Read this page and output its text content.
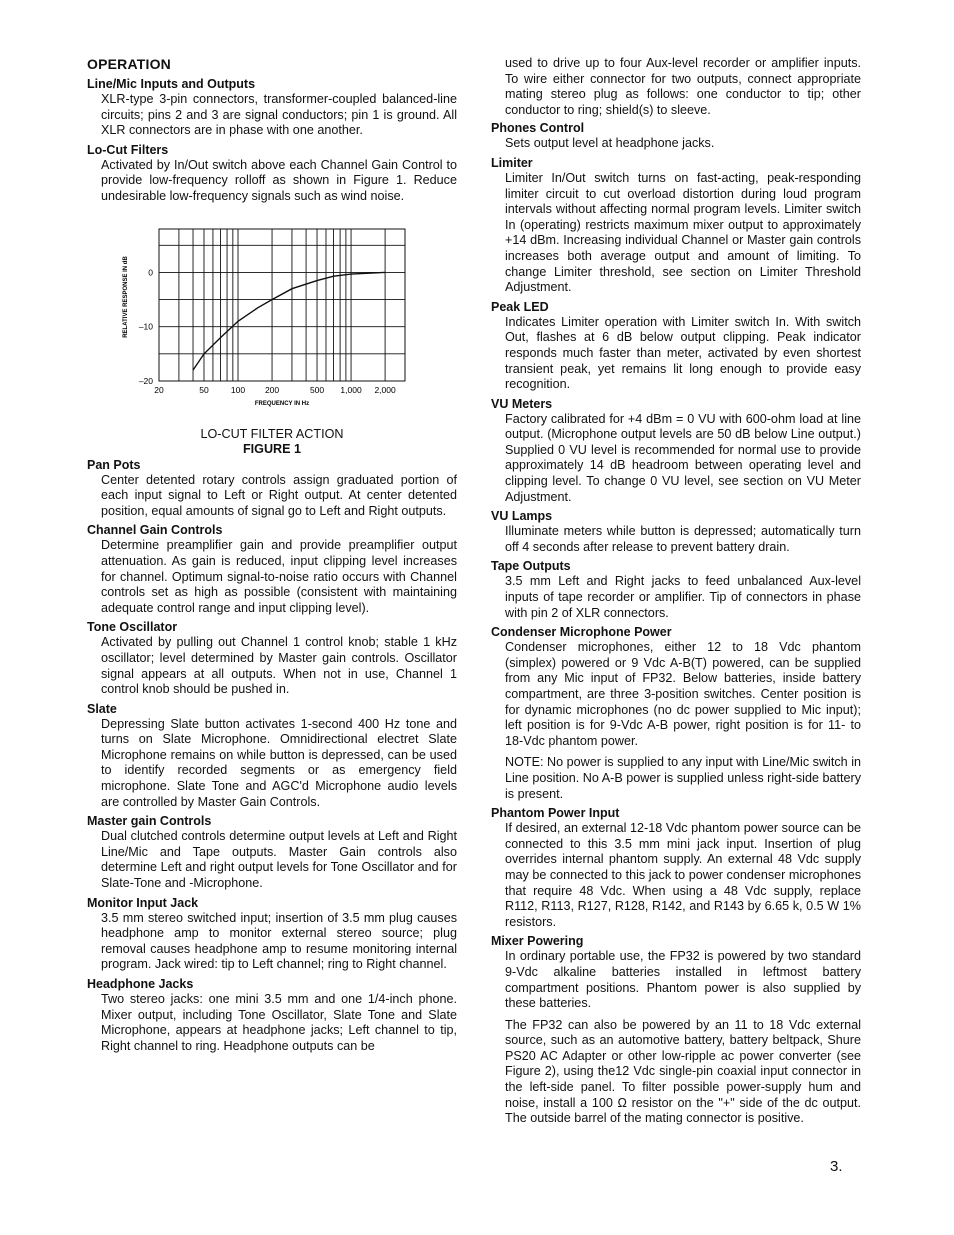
OPERATION
Line/Mic Inputs and Outputs

XLR-type 3-pin connectors, transformer-coupled balanced-line circuits; pins 2 and 3 are signal conductors; pin 1 is ground. All XLR connectors are in phase with one another.

Lo-Cut Filters

Activated by In/Out switch above each Channel Gain Control to provide low-frequency rolloff as shown in Figure 1. Reduce undesirable low-frequency signals such as wind noise.

20	50	100 200	500 1,000 2,000
0
–10
–20
FREQUENCY IN Hz
RELATIVE RESPONSE IN dB
LO-CUT FILTER ACTION
FIGURE 1
Pan Pots

Center detented rotary controls assign graduated portion of each input signal to Left or Right output. At center detented position, equal amounts of signal go to Left and Right outputs.

Channel Gain Controls

Determine preamplifier gain and provide preamplifier output attenuation. As gain is reduced, input clipping level increases for channel. Optimum signal-to-noise ratio occurs with Channel controls set as high as possible (consistent with maintaining adequate control range and input clipping level).

Tone Oscillator

Activated by pulling out Channel 1 control knob; stable 1 kHz oscillator; level determined by Master gain controls. Oscillator signal appears at all outputs. When not in use, Channel 1 control knob should be pushed in.

Slate

Depressing Slate button activates 1-second 400 Hz tone and turns on Slate Microphone. Omnidirectional electret Slate Microphone remains on while button is depressed, can be used to identify recorded segments or as emergency field microphone. Slate Tone and AGC'd Microphone audio levels are controlled by Master Gain Controls.

Master gain Controls

Dual clutched controls determine output levels at Left and Right Line/Mic and Tape outputs. Master Gain controls also determine Left and right output levels for Tone Oscillator and for Slate-Tone and -Microphone.

Monitor Input Jack

3.5 mm stereo switched input; insertion of 3.5 mm plug causes headphone amp to monitor external stereo source; plug removal causes headphone amp to resume monitoring internal program. Jack wired: tip to Left channel; ring to Right channel.

Headphone Jacks

Two stereo jacks: one mini 3.5 mm and one 1/4-inch phone. Mixer output, including Tone Oscillator, Slate Tone and Slate Microphone, appears at headphone jacks; Left channel to tip, Right channel to ring. Headphone outputs can be

used to drive up to four Aux-level recorder or amplifier inputs. To wire either connector for two outputs, connect appropriate mating stereo plug as follows: one conductor to tip; other conductor to ring; shield(s) to sleeve.

Phones Control

Sets output level at headphone jacks.

Limiter

Limiter In/Out switch turns on fast-acting, peak-responding limiter circuit to cut overload distortion during loud program intervals without affecting normal program levels. Limiter switch In (operating) restricts maximum mixer output to approximately +14 dBm. Increasing individual Channel or Master gain controls increases both average output and amount of limiting. To change Limiter threshold, see section on Limiter Threshold Adjustment.

Peak LED

Indicates Limiter operation with Limiter switch In. With switch Out, flashes at 6 dB below output clipping. Peak indicator responds much faster than meter, activated by even shortest transient peak, yet remains lit long enough to provide easy recognition.

VU Meters

Factory calibrated for +4 dBm = 0 VU with 600-ohm load at line output. (Microphone output levels are 50 dB below Line output.) Supplied 0 VU level is recommended for normal use to provide approximately 14 dB headroom between operating level and clipping level. To change 0 VU level, see section on VU Meter Adjustment.

VU Lamps

Illuminate meters while button is depressed; automatically turn off 4 seconds after release to prevent battery drain.

Tape Outputs

3.5 mm Left and Right jacks to feed unbalanced Aux-level inputs of tape recorder or amplifier. Tip of connectors in phase with pin 2 of XLR connectors.

Condenser Microphone Power

Condenser microphones, either 12 to 18 Vdc phantom (simplex) powered or 9 Vdc A-B(T) powered, can be supplied from any Mic input of FP32. Below batteries, inside battery compartment, are three 3-position switches. Center position is for dynamic microphones (no dc power supplied to Mic input); left position is for 9-Vdc A-B power, right position is for 11- to 18-Vdc phantom power.

NOTE: No power is supplied to any input with Line/Mic switch in Line position. No A-B power is supplied unless right-side battery is present.

Phantom Power Input

If desired, an external 12-18 Vdc phantom power source can be connected to this 3.5 mm mini jack input. Insertion of plug overrides internal phantom supply. An external 48 Vdc supply may be connected to this jack to power condenser microphones that require 48 Vdc. When using a 48 Vdc supply, replace R112, R113, R127, R128, R142, and R143 by 6.65 k, 0.5 W 1% resistors.

Mixer Powering

In ordinary portable use, the FP32 is powered by two standard 9-Vdc alkaline batteries installed in leftmost battery compartment positions. Phantom power is also supplied by these batteries.

The FP32 can also be powered by an 11 to 18 Vdc external source, such as an automotive battery, battery beltpack, Shure PS20 AC Adapter or other low-ripple ac power converter (see Figure 2), using the12 Vdc single-pin coaxial input connector in the left-side panel. To filter possible power-supply hum and noise, install a 100 Ω resistor on the "+" side of the dc output. The outside barrel of the mating connector is positive.

3.
